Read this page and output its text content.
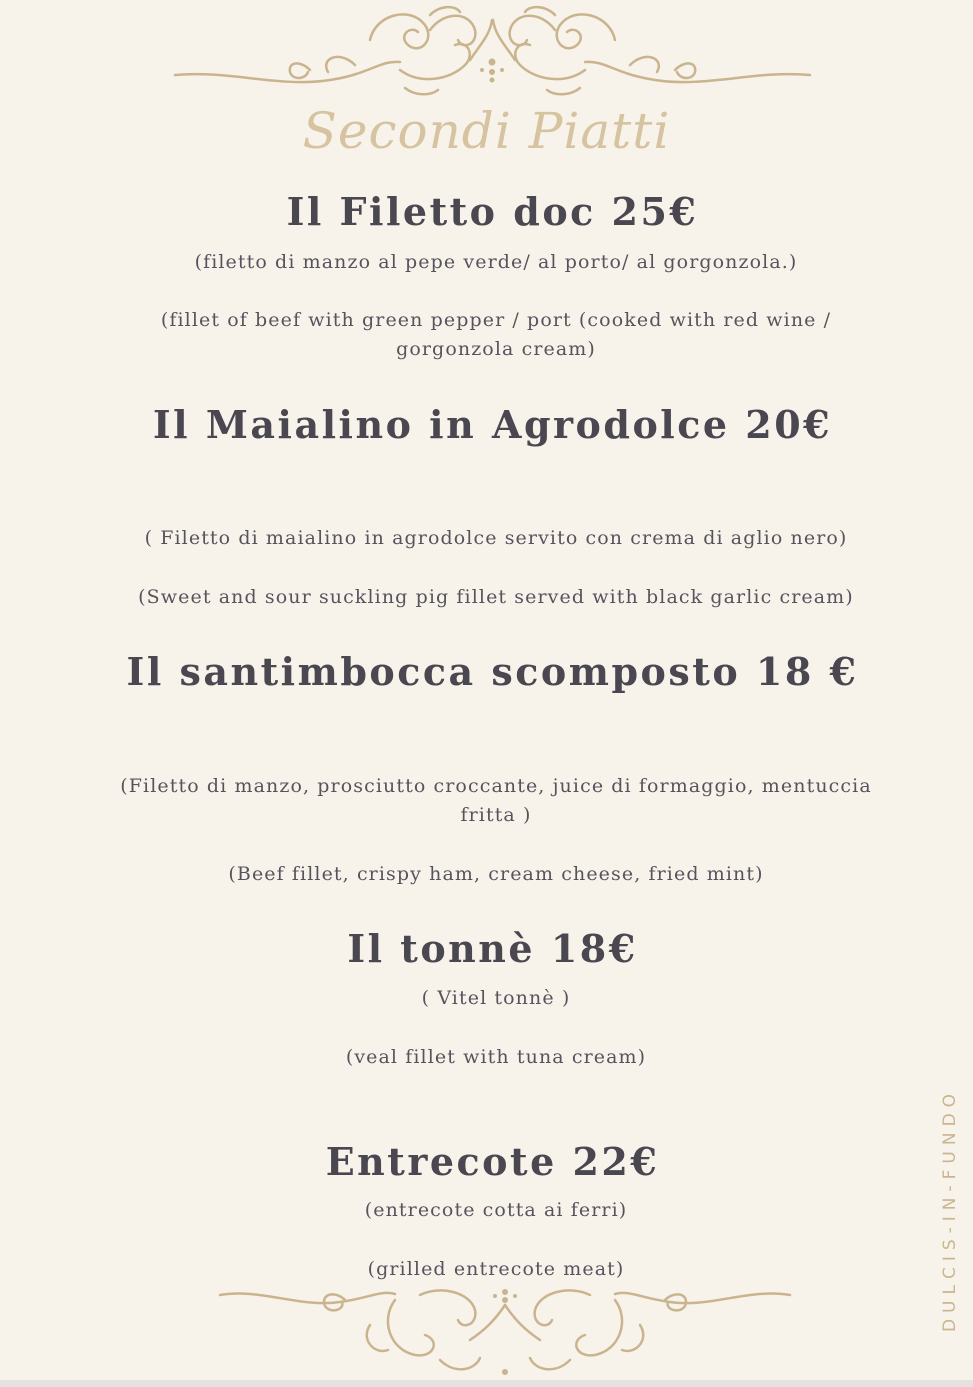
Secondi Piatti
Il Filetto doc 25€
(filetto di manzo al pepe verde/ al porto/ al gorgonzola.)
(fillet of beef with green pepper / port (cooked with red wine / gorgonzola cream)
Il Maialino in Agrodolce 20€
( Filetto di maialino in agrodolce servito con crema di aglio nero)
(Sweet and sour suckling pig fillet served with black garlic cream)
Il santimbocca scomposto 18 €
(Filetto di manzo, prosciutto croccante, juice di formaggio, mentuccia fritta )
(Beef fillet, crispy ham, cream cheese, fried mint)
Il tonnè 18€
( Vitel tonnè )
(veal fillet with tuna cream)
Entrecote 22€
(entrecote cotta ai ferri)
(grilled entrecote meat)	DULCIS-IN-FUNDO
